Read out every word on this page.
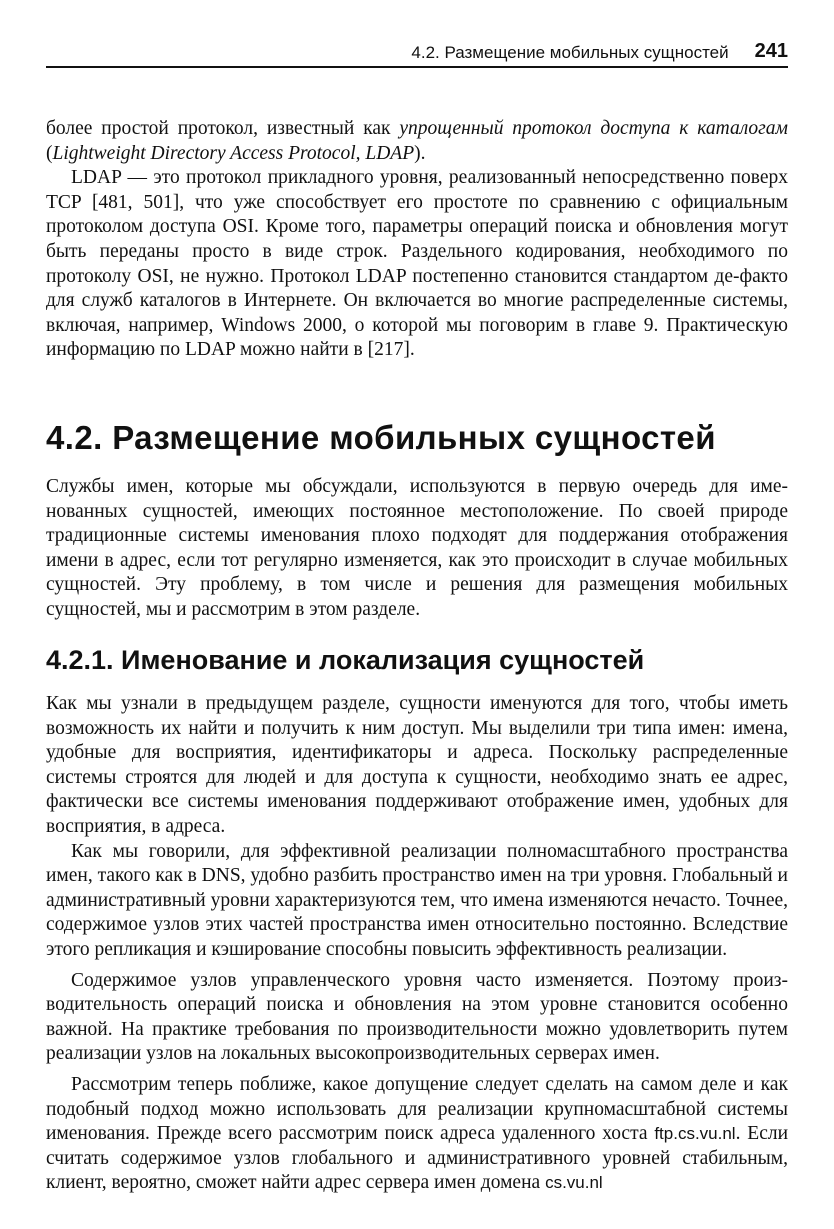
4.2. Размещение мобильных сущностей 241

более простой протокол, известный как упрощенный протокол доступа к каталогам (Lightweight Directory Access Protocol, LDAP).

LDAP — это протокол прикладного уровня, реализованный непосредственно поверх TCP [481, 501], что уже способствует его простоте по сравнению с официальным протоколом доступа OSI. Кроме того, параметры операций поиска и обновления могут быть переданы просто в виде строк. Раздельного кодирования, необходимого по протоколу OSI, не нужно. Протокол LDAP постепенно становится стандартом де-факто для служб каталогов в Интернете. Он включается во многие распределенные системы, включая, например, Windows 2000, о которой мы поговорим в главе 9. Практическую информацию по LDAP можно найти в [217].

4.2. Размещение мобильных сущностей

Службы имен, которые мы обсуждали, используются в первую очередь для именованных сущностей, имеющих постоянное местоположение. По своей природе традиционные системы именования плохо подходят для поддержания отображения имени в адрес, если тот регулярно изменяется, как это происходит в случае мобильных сущностей. Эту проблему, в том числе и решения для размещения мобильных сущностей, мы и рассмотрим в этом разделе.

4.2.1. Именование и локализация сущностей

Как мы узнали в предыдущем разделе, сущности именуются для того, чтобы иметь возможность их найти и получить к ним доступ. Мы выделили три типа имен: имена, удобные для восприятия, идентификаторы и адреса. Поскольку распределенные системы строятся для людей и для доступа к сущности, необходимо знать ее адрес, фактически все системы именования поддерживают отображение имен, удобных для восприятия, в адреса.

Как мы говорили, для эффективной реализации полномасштабного пространства имен, такого как в DNS, удобно разбить пространство имен на три уровня. Глобальный и административный уровни характеризуются тем, что имена изменяются нечасто. Точнее, содержимое узлов этих частей пространства имен относительно постоянно. Вследствие этого репликация и кэширование способны повысить эффективность реализации.

Содержимое узлов управленческого уровня часто изменяется. Поэтому производительность операций поиска и обновления на этом уровне становится особенно важной. На практике требования по производительности можно удовлетворить путем реализации узлов на локальных высокопроизводительных серверах имен.

Рассмотрим теперь поближе, какое допущение следует сделать на самом деле и как подобный подход можно использовать для реализации крупномасштабной системы именования. Прежде всего рассмотрим поиск адреса удаленного хоста ftp.cs.vu.nl. Если считать содержимое узлов глобального и административного уровней стабильным, клиент, вероятно, сможет найти адрес сервера имен домена cs.vu.nl
